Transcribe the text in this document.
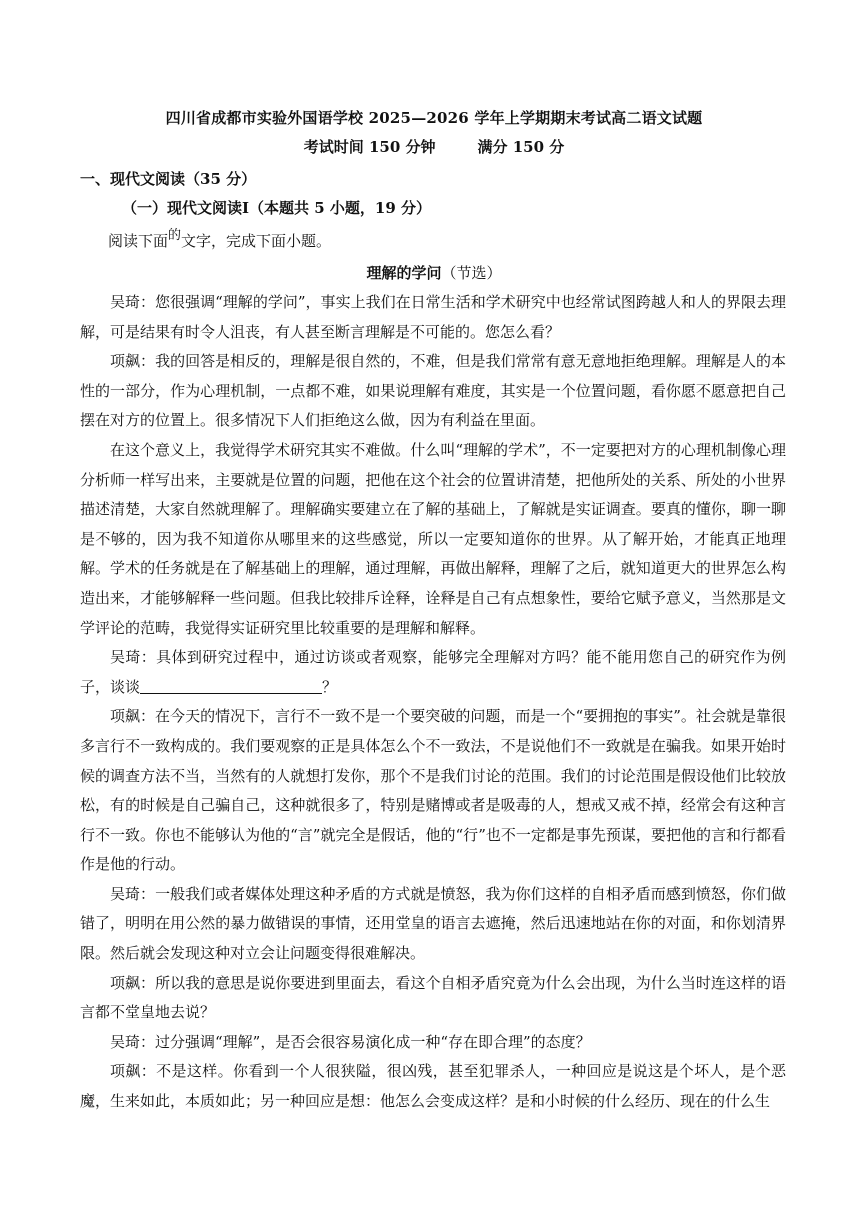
四川省成都市实验外国语学校 2025—2026 学年上学期期末考试高二语文试题
考试时间 150 分钟	满分 150 分
一、现代文阅读（35 分）
（一）现代文阅读Ⅰ（本题共 5 小题，19 分）
阅读下面的文字，完成下面小题。
理解的学问（节选）

吴琦：您很强调“理解的学问”，事实上我们在日常生活和学术研究中也经常试图跨越人和人的界限去理解，可是结果有时令人沮丧，有人甚至断言理解是不可能的。您怎么看？

项飙：我的回答是相反的，理解是很自然的，不难，但是我们常常有意无意地拒绝理解。理解是人的本性的一部分，作为心理机制，一点都不难，如果说理解有难度，其实是一个位置问题，看你愿不愿意把自己摆在对方的位置上。很多情况下人们拒绝这么做，因为有利益在里面。

在这个意义上，我觉得学术研究其实不难做。什么叫“理解的学术”，不一定要把对方的心理机制像心理分析师一样写出来，主要就是位置的问题，把他在这个社会的位置讲清楚，把他所处的关系、所处的小世界描述清楚，大家自然就理解了。理解确实要建立在了解的基础上，了解就是实证调查。要真的懂你，聊一聊是不够的，因为我不知道你从哪里来的这些感觉，所以一定要知道你的世界。从了解开始，才能真正地理解。学术的任务就是在了解基础上的理解，通过理解，再做出解释，理解了之后，就知道更大的世界怎么构造出来，才能够解释一些问题。但我比较排斥诠释，诠释是自己有点想象性，要给它赋予意义，当然那是文学评论的范畴，我觉得实证研究里比较重要的是理解和解释。

吴琦：具体到研究过程中，通过访谈或者观察，能够完全理解对方吗？能不能用您自己的研究作为例子，谈谈	？

项飙：在今天的情况下，言行不一致不是一个要突破的问题，而是一个“要拥抱的事实”。社会就是靠很多言行不一致构成的。我们要观察的正是具体怎么个不一致法，不是说他们不一致就是在骗我。如果开始时候的调查方法不当，当然有的人就想打发你，那个不是我们讨论的范围。我们的讨论范围是假设他们比较放松，有的时候是自己骗自己，这种就很多了，特别是赌博或者是吸毒的人，想戒又戒不掉，经常会有这种言行不一致。你也不能够认为他的“言”就完全是假话，他的“行”也不一定都是事先预谋，要把他的言和行都看作是他的行动。

吴琦：一般我们或者媒体处理这种矛盾的方式就是愤怒，我为你们这样的自相矛盾而感到愤怒，你们做错了，明明在用公然的暴力做错误的事情，还用堂皇的语言去遮掩，然后迅速地站在你的对面，和你划清界限。然后就会发现这种对立会让问题变得很难解决。

项飙：所以我的意思是说你要进到里面去，看这个自相矛盾究竟为什么会出现，为什么当时连这样的语言都不堂皇地去说？

吴琦：过分强调“理解”，是否会很容易演化成一种“存在即合理”的态度？

项飙：不是这样。你看到一个人很狭隘，很凶残，甚至犯罪杀人，一种回应是说这是个坏人，是个恶魔，生来如此，本质如此；另一种回应是想：他怎么会变成这样？是和小时候的什么经历、现在的什么生
